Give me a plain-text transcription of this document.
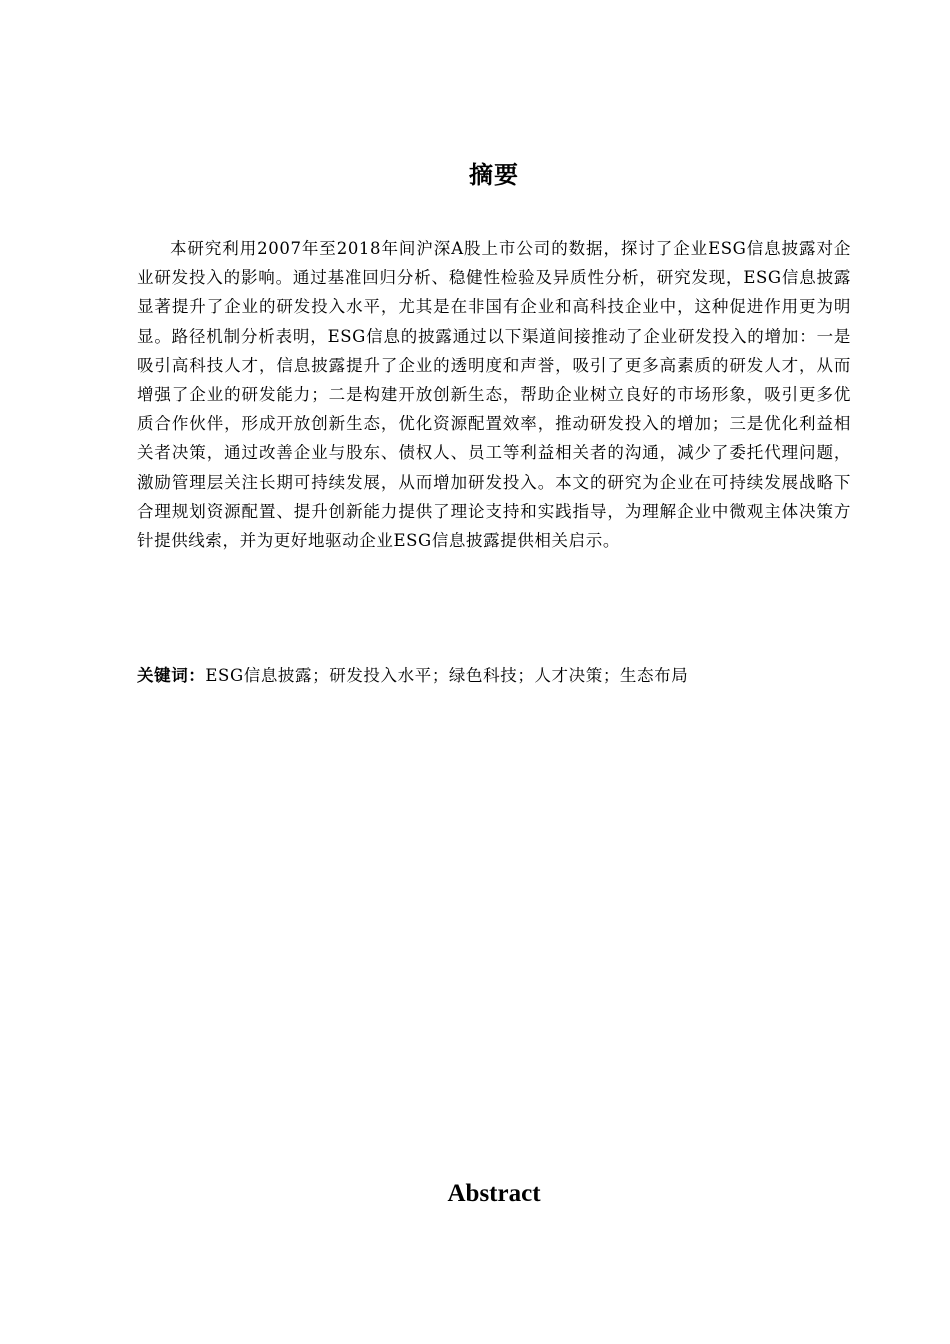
摘要

本研究利用2007年至2018年间沪深A股上市公司的数据，探讨了企业ESG信息披露对企业研发投入的影响。通过基准回归分析、稳健性检验及异质性分析，研究发现，ESG信息披露显著提升了企业的研发投入水平，尤其是在非国有企业和高科技企业中，这种促进作用更为明显。路径机制分析表明，ESG信息的披露通过以下渠道间接推动了企业研发投入的增加：一是吸引高科技人才，信息披露提升了企业的透明度和声誉，吸引了更多高素质的研发人才，从而增强了企业的研发能力；二是构建开放创新生态，帮助企业树立良好的市场形象，吸引更多优质合作伙伴，形成开放创新生态，优化资源配置效率，推动研发投入的增加；三是优化利益相关者决策，通过改善企业与股东、债权人、员工等利益相关者的沟通，减少了委托代理问题，激励管理层关注长期可持续发展，从而增加研发投入。本文的研究为企业在可持续发展战略下合理规划资源配置、提升创新能力提供了理论支持和实践指导，为理解企业中微观主体决策方针提供线索，并为更好地驱动企业ESG信息披露提供相关启示。

关键词：ESG信息披露；研发投入水平；绿色科技；人才决策；生态布局

Abstract
